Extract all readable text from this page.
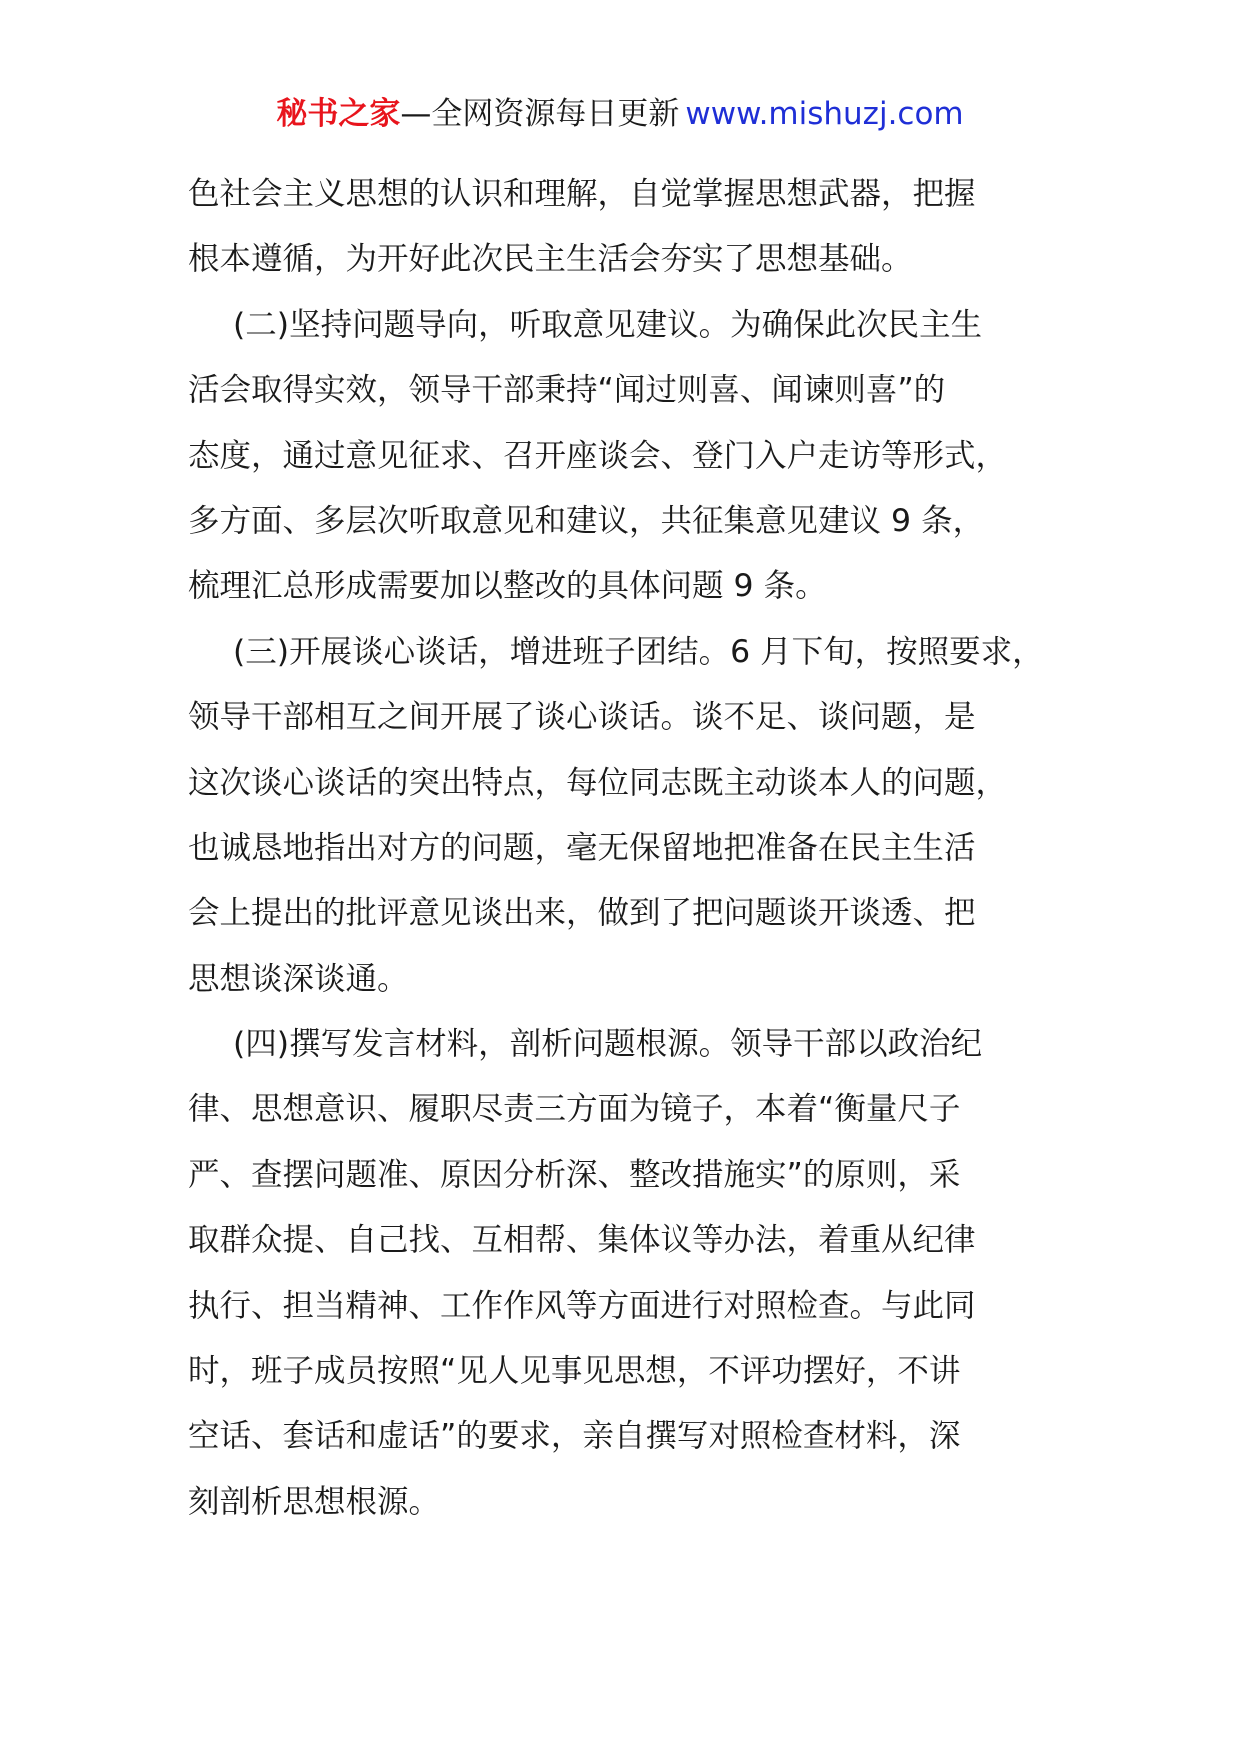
秘书之家—全网资源每日更新 www.mishuzj.com
色社会主义思想的认识和理解，自觉掌握思想武器，把握
根本遵循，为开好此次民主生活会夯实了思想基础。
(二)坚持问题导向，听取意见建议。为确保此次民主生
活会取得实效，领导干部秉持“闻过则喜、闻谏则喜”的
态度，通过意见征求、召开座谈会、登门入户走访等形式，
多方面、多层次听取意见和建议，共征集意见建议 9 条，
梳理汇总形成需要加以整改的具体问题 9 条。
(三)开展谈心谈话，增进班子团结。6 月下旬，按照要求，
领导干部相互之间开展了谈心谈话。谈不足、谈问题，是
这次谈心谈话的突出特点，每位同志既主动谈本人的问题，
也诚恳地指出对方的问题，毫无保留地把准备在民主生活
会上提出的批评意见谈出来，做到了把问题谈开谈透、把
思想谈深谈通。
(四)撰写发言材料，剖析问题根源。领导干部以政治纪
律、思想意识、履职尽责三方面为镜子，本着“衡量尺子
严、查摆问题准、原因分析深、整改措施实”的原则，采
取群众提、自己找、互相帮、集体议等办法，着重从纪律
执行、担当精神、工作作风等方面进行对照检查。与此同
时，班子成员按照“见人见事见思想，不评功摆好，不讲
空话、套话和虚话”的要求，亲自撰写对照检查材料，深
刻剖析思想根源。
